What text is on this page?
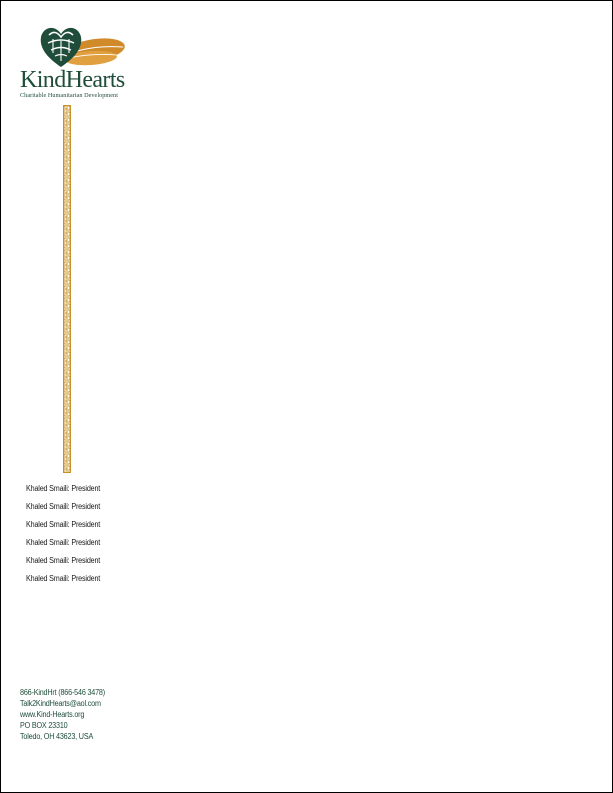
KindHearts
Charitable Humanitarian Development
Khaled Smaili: President
Khaled Smaili: President
Khaled Smaili: President
Khaled Smaili: President
Khaled Smaili: President
Khaled Smaili: President
866-KindHrt (866-546 3478)
Talk2KindHearts@aol.com
www.Kind-Hearts.org
PO BOX 23310
Toledo, OH 43623, USA
